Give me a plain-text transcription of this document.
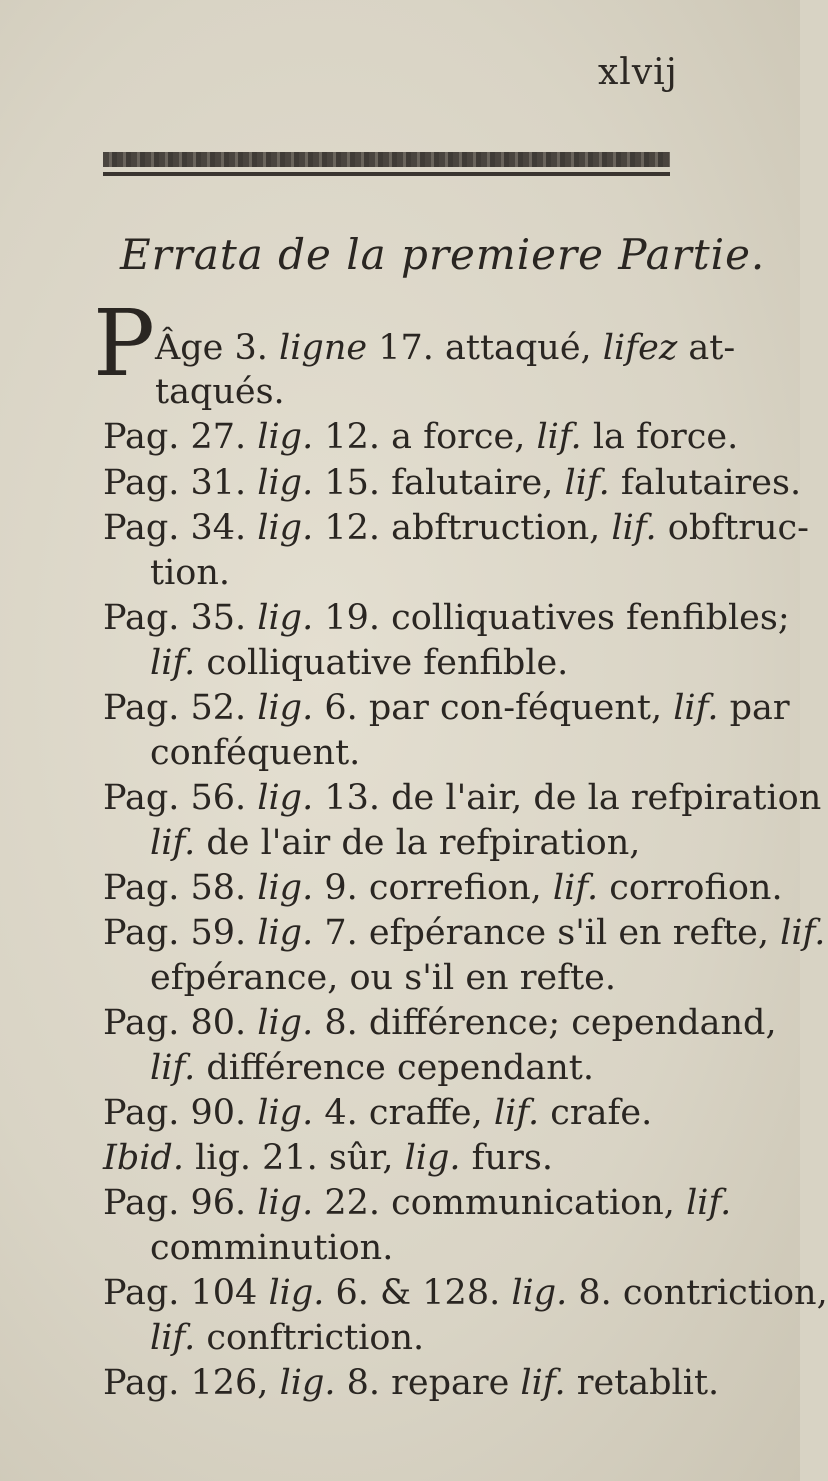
xlvij
Errata de la premiere Partie.
P Âge 3. ligne 17. attaqué, lifez at-
taqués.
Pag. 27. lig. 12. a force, lif. la force.
Pag. 31. lig. 15. falutaire, lif. falutaires.
Pag. 34. lig. 12. abftruction, lif. obftruc-
tion.
Pag. 35. lig. 19. colliquatives fenfibles;
lif. colliquative fenfible.
Pag. 52. lig. 6. par con-féquent, lif. par
conféquent.
Pag. 56. lig. 13. de l'air, de la refpiration
lif. de l'air de la refpiration,
Pag. 58. lig. 9. correfion, lif. corrofion.
Pag. 59. lig. 7. efpérance s'il en refte, lif.
efpérance, ou s'il en refte.
Pag. 80. lig. 8. différence; cependand,
lif. différence cependant.
Pag. 90. lig. 4. craffe, lif. crafe.
Ibid. lig. 21. sûr, lig. furs.
Pag. 96. lig. 22. communication, lif.
comminution.
Pag. 104 lig. 6. & 128. lig. 8. contriction,
lif. conftriction.
Pag. 126, lig. 8. repare lif. retablit.
